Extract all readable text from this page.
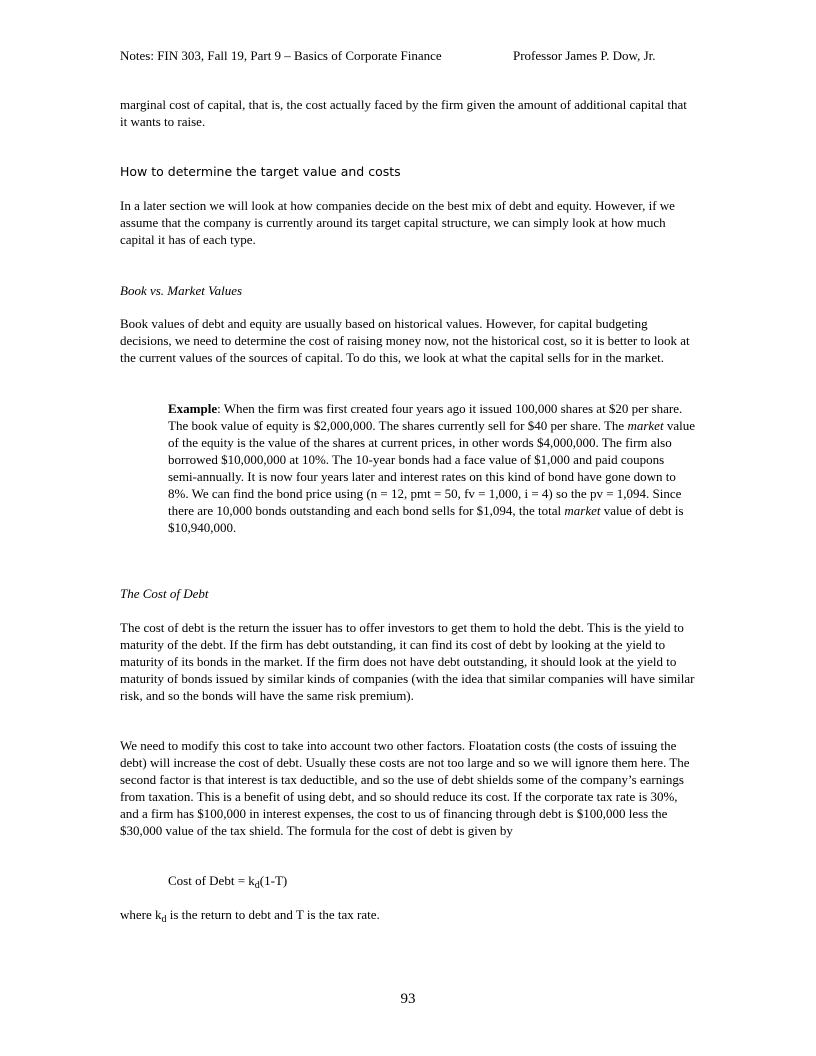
Notes: FIN 303, Fall 19, Part 9 – Basics of Corporate Finance	Professor James P. Dow, Jr.

marginal cost of capital, that is, the cost actually faced by the firm given the amount of additional capital that it wants to raise.

How to determine the target value and costs

In a later section we will look at how companies decide on the best mix of debt and equity. However, if we assume that the company is currently around its target capital structure, we can simply look at how much capital it has of each type.

Book vs. Market Values

Book values of debt and equity are usually based on historical values. However, for capital budgeting decisions, we need to determine the cost of raising money now, not the historical cost, so it is better to look at the current values of the sources of capital. To do this, we look at what the capital sells for in the market.

Example: When the firm was first created four years ago it issued 100,000 shares at $20 per share. The book value of equity is $2,000,000. The shares currently sell for $40 per share. The market value of the equity is the value of the shares at current prices, in other words $4,000,000. The firm also borrowed $10,000,000 at 10%. The 10-year bonds had a face value of $1,000 and paid coupons semi-annually. It is now four years later and interest rates on this kind of bond have gone down to 8%. We can find the bond price using (n = 12, pmt = 50, fv = 1,000, i = 4) so the pv = 1,094. Since there are 10,000 bonds outstanding and each bond sells for $1,094, the total market value of debt is $10,940,000.

The Cost of Debt

The cost of debt is the return the issuer has to offer investors to get them to hold the debt. This is the yield to maturity of the debt. If the firm has debt outstanding, it can find its cost of debt by looking at the yield to maturity of its bonds in the market. If the firm does not have debt outstanding, it should look at the yield to maturity of bonds issued by similar kinds of companies (with the idea that similar companies will have similar risk, and so the bonds will have the same risk premium).

We need to modify this cost to take into account two other factors. Floatation costs (the costs of issuing the debt) will increase the cost of debt. Usually these costs are not too large and so we will ignore them here. The second factor is that interest is tax deductible, and so the use of debt shields some of the company’s earnings from taxation. This is a benefit of using debt, and so should reduce its cost. If the corporate tax rate is 30%, and a firm has $100,000 in interest expenses, the cost to us of financing through debt is $100,000 less the $30,000 value of the tax shield. The formula for the cost of debt is given by

Cost of Debt = $k_d(1-T)$

where $k_d$ is the return to debt and T is the tax rate.

93
